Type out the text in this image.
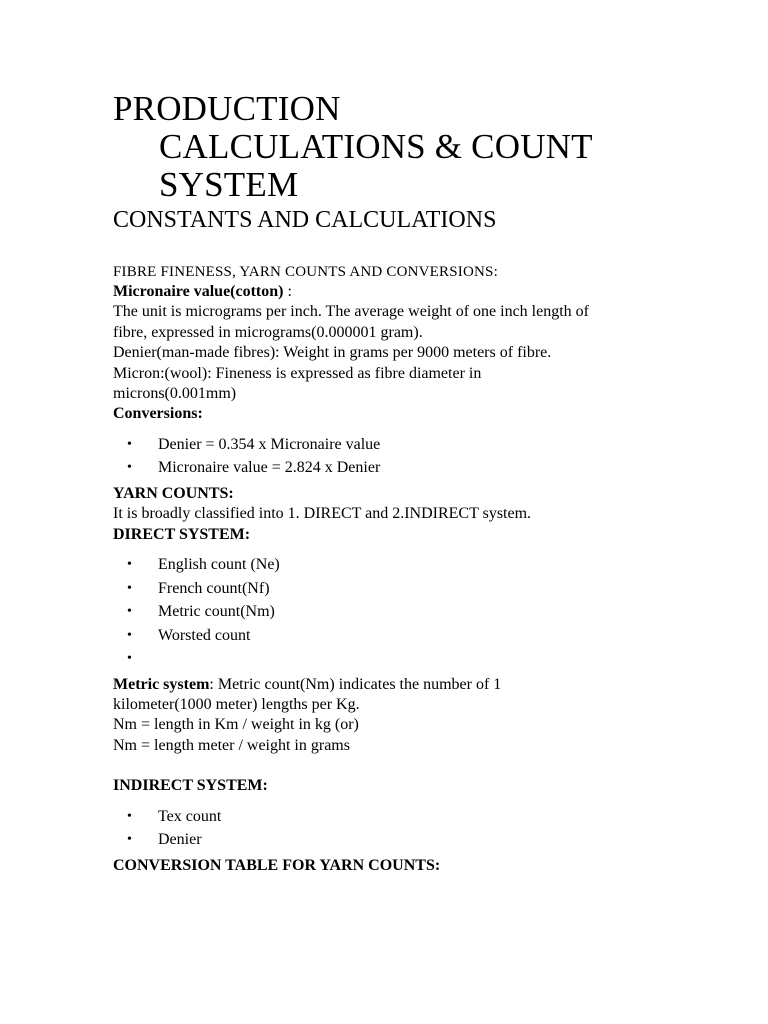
PRODUCTION
CALCULATIONS & COUNT
SYSTEM
CONSTANTS AND CALCULATIONS
FIBRE FINENESS, YARN COUNTS AND CONVERSIONS:
Micronaire value(cotton) :
The unit is micrograms per inch. The average weight of one inch length of
fibre, expressed in micrograms(0.000001 gram).
Denier(man-made fibres): Weight in grams per 9000 meters of fibre.
Micron:(wool): Fineness is expressed as fibre diameter in
microns(0.001mm)
Conversions:
• Denier = 0.354 x Micronaire value
• Micronaire value = 2.824 x Denier
YARN COUNTS:
It is broadly classified into 1. DIRECT and 2.INDIRECT system.
DIRECT SYSTEM:
• English count (Ne)
• French count(Nf)
• Metric count(Nm)
• Worsted count
•
Metric system: Metric count(Nm) indicates the number of 1
kilometer(1000 meter) lengths per Kg.
Nm = length in Km / weight in kg (or)
Nm = length meter / weight in grams
INDIRECT SYSTEM:
• Tex count
• Denier
CONVERSION TABLE FOR YARN COUNTS:
